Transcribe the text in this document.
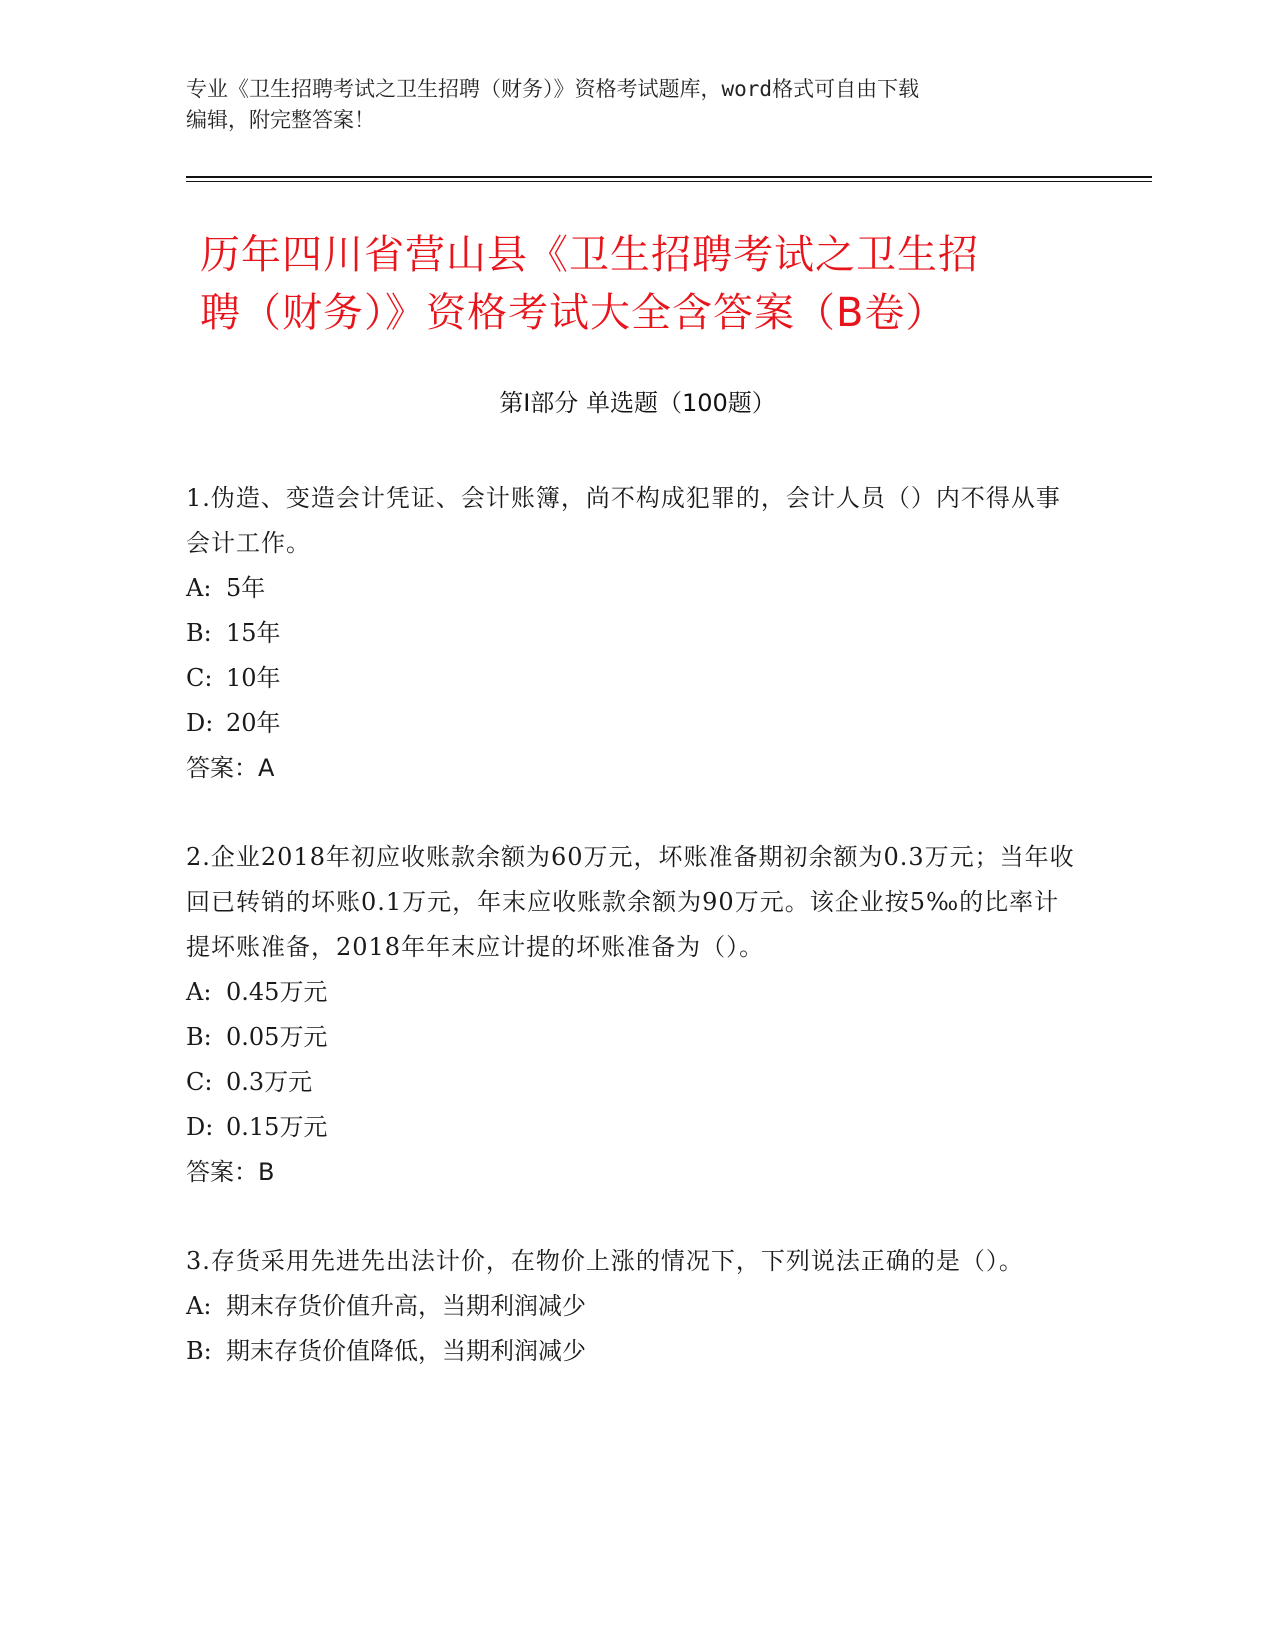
专业《卫生招聘考试之卫生招聘（财务）》资格考试题库，word格式可自由下载
编辑，附完整答案！
历年四川省营山县《卫生招聘考试之卫生招
聘（财务）》资格考试大全含答案（B卷）
第Ⅰ部分 单选题（100题）
1.伪造、变造会计凭证、会计账簿，尚不构成犯罪的，会计人员（）内不得从事会计工作。
A: 5年
B: 15年
C: 10年
D: 20年
答案：A
2.企业2018年初应收账款余额为60万元，坏账准备期初余额为0.3万元；当年收回已转销的坏账0.1万元，年末应收账款余额为90万元。该企业按5‰的比率计提坏账准备，2018年年末应计提的坏账准备为（）。
A: 0.45万元
B: 0.05万元
C: 0.3万元
D: 0.15万元
答案：B
3.存货采用先进先出法计价，在物价上涨的情况下，下列说法正确的是（）。
A: 期末存货价值升高，当期利润减少
B: 期末存货价值降低，当期利润减少
